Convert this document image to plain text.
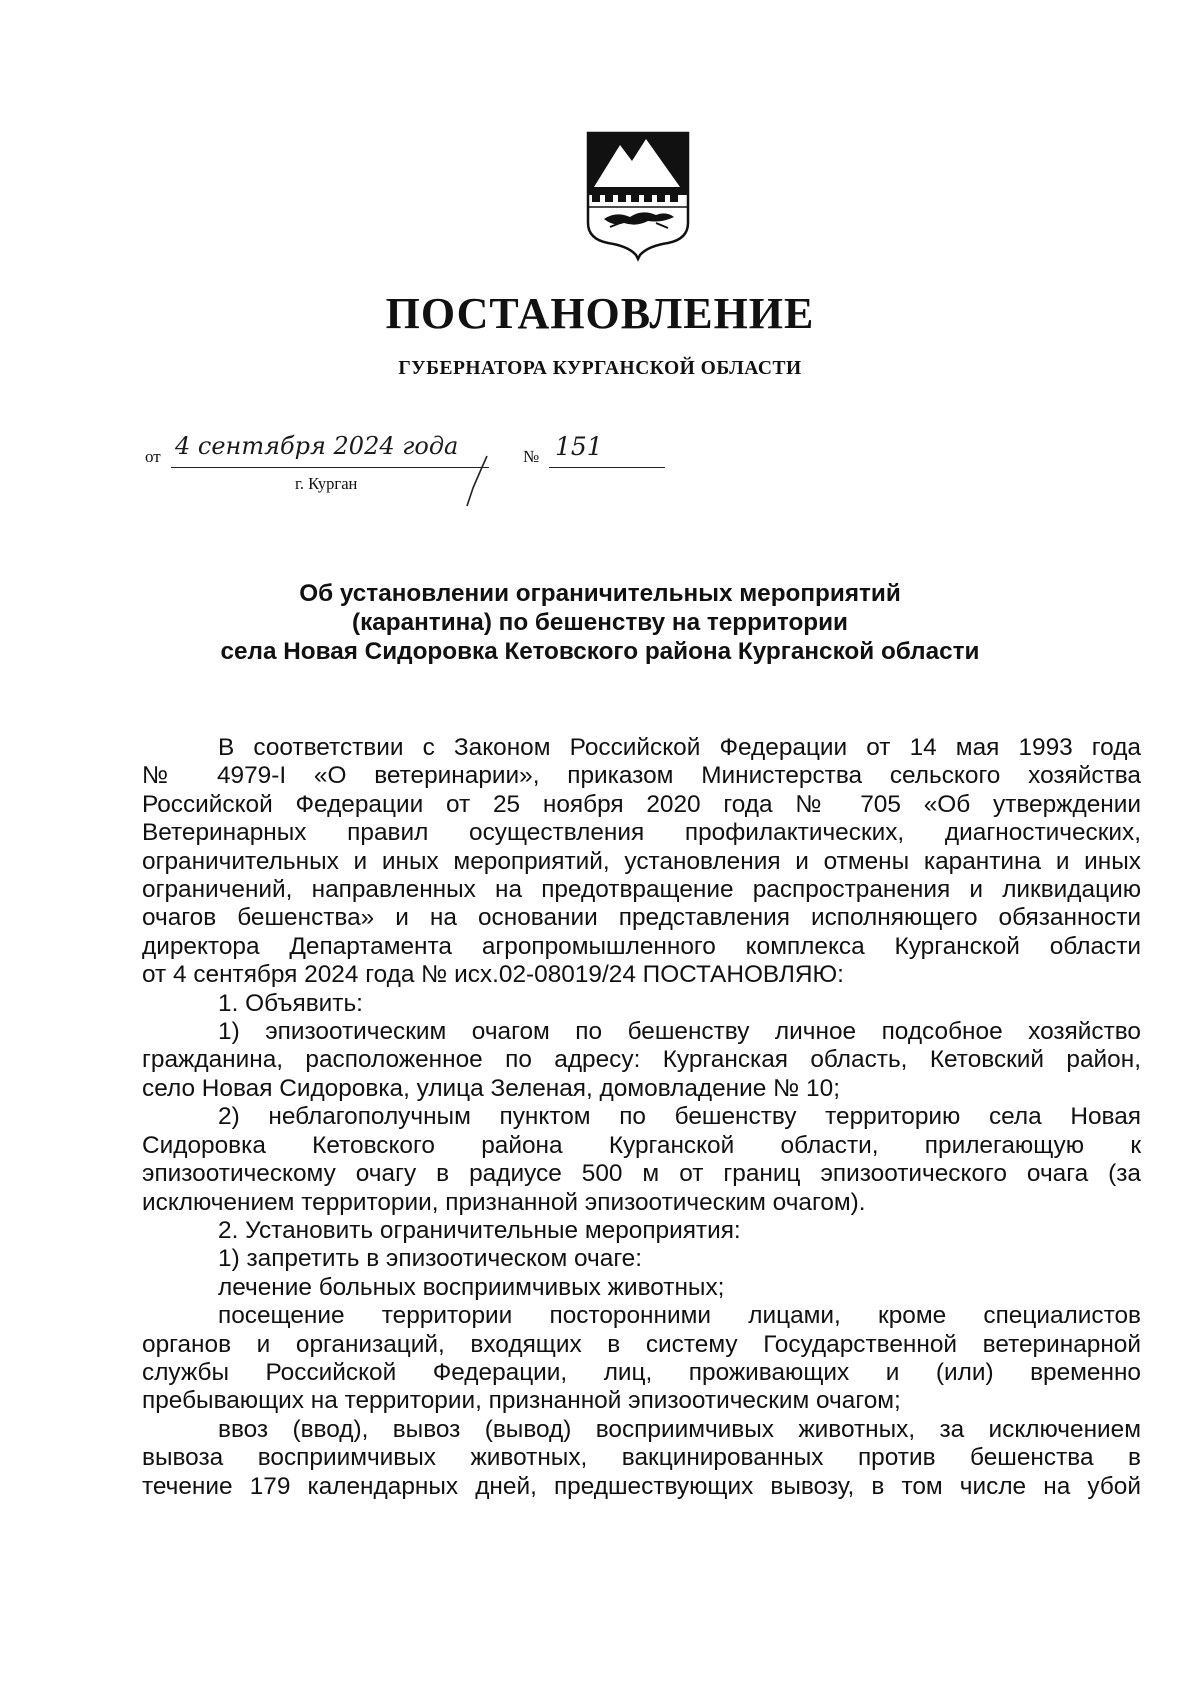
ПОСТАНОВЛЕНИЕ
ГУБЕРНАТОРА КУРГАНСКОЙ ОБЛАСТИ
от 4 сентября 2024 года	№ 151
г. Курган
Об установлении ограничительных мероприятий
(карантина) по бешенству на территории
села Новая Сидоровка Кетовского района Курганской области

В соответствии с Законом Российской Федерации от 14 мая 1993 года

№ 4979-I «О ветеринарии», приказом Министерства сельского хозяйства

Российской Федерации от 25 ноября 2020 года № 705 «Об утверждении

Ветеринарных правил осуществления профилактических, диагностических,

ограничительных и иных мероприятий, установления и отмены карантина и иных

ограничений, направленных на предотвращение распространения и ликвидацию

очагов бешенства» и на основании представления исполняющего обязанности

директора Департамента агропромышленного комплекса Курганской области

от 4 сентября 2024 года № исх.02-08019/24 ПОСТАНОВЛЯЮ:

1. Объявить:

1) эпизоотическим очагом по бешенству личное подсобное хозяйство

гражданина, расположенное по адресу: Курганская область, Кетовский район,

село Новая Сидоровка, улица Зеленая, домовладение № 10;

2) неблагополучным пунктом по бешенству территорию села Новая

Сидоровка Кетовского района Курганской области, прилегающую к

эпизоотическому очагу в радиусе 500 м от границ эпизоотического очага (за

исключением территории, признанной эпизоотическим очагом).

2. Установить ограничительные мероприятия:

1) запретить в эпизоотическом очаге:

лечение больных восприимчивых животных;

посещение территории посторонними лицами, кроме специалистов

органов и организаций, входящих в систему Государственной ветеринарной

службы Российской Федерации, лиц, проживающих и (или) временно

пребывающих на территории, признанной эпизоотическим очагом;

ввоз (ввод), вывоз (вывод) восприимчивых животных, за исключением

вывоза восприимчивых животных, вакцинированных против бешенства в

течение 179 календарных дней, предшествующих вывозу, в том числе на убой
